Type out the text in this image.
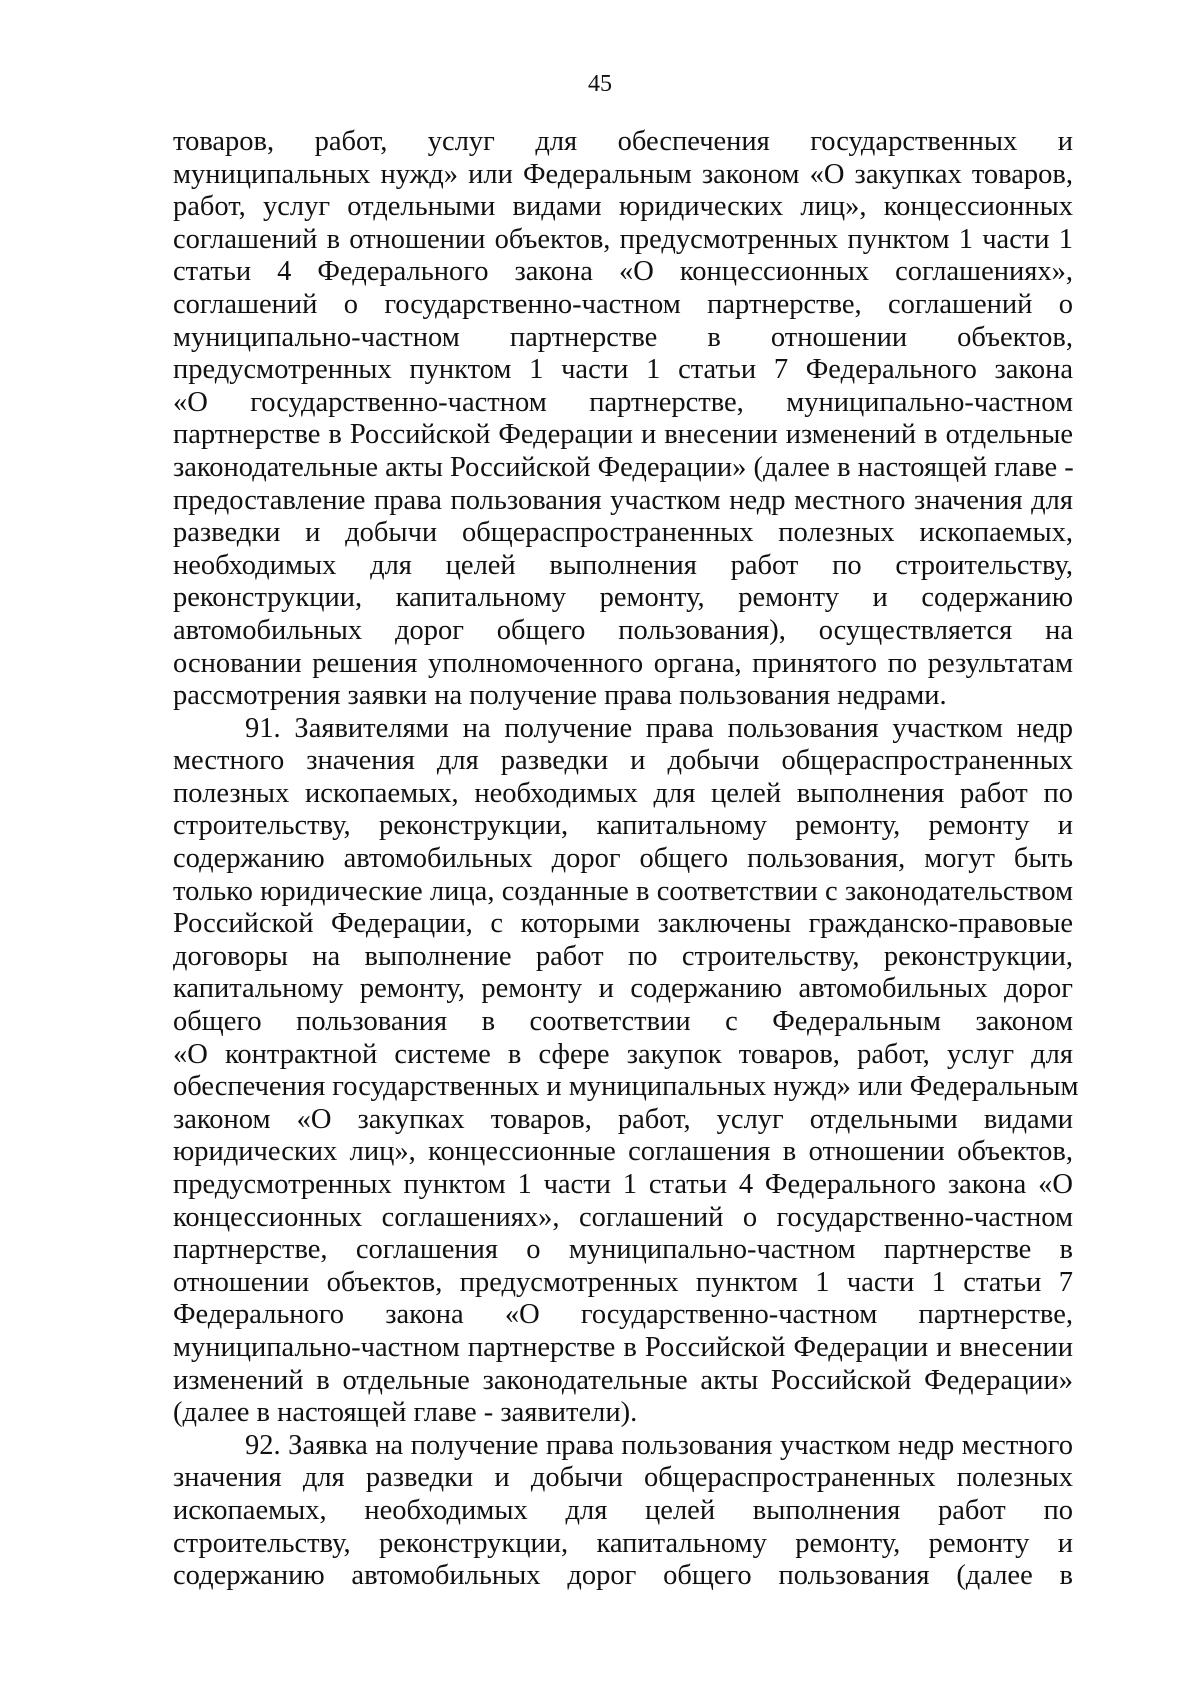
45
товаров, работ, услуг для обеспечения государственных и
муниципальных нужд» или Федеральным законом «О закупках товаров,
работ, услуг отдельными видами юридических лиц», концессионных
соглашений в отношении объектов, предусмотренных пунктом 1 части 1
статьи 4 Федерального закона «О концессионных соглашениях»,
соглашений о государственно-частном партнерстве, соглашений о
муниципально-частном партнерстве в отношении объектов,
предусмотренных пунктом 1 части 1 статьи 7 Федерального закона
«О государственно-частном партнерстве, муниципально-частном
партнерстве в Российской Федерации и внесении изменений в отдельные
законодательные акты Российской Федерации» (далее в настоящей главе -
предоставление права пользования участком недр местного значения для
разведки и добычи общераспространенных полезных ископаемых,
необходимых для целей выполнения работ по строительству,
реконструкции, капитальному ремонту, ремонту и содержанию
автомобильных дорог общего пользования), осуществляется на
основании решения уполномоченного органа, принятого по результатам
рассмотрения заявки на получение права пользования недрами.
91. Заявителями на получение права пользования участком недр
местного значения для разведки и добычи общераспространенных
полезных ископаемых, необходимых для целей выполнения работ по
строительству, реконструкции, капитальному ремонту, ремонту и
содержанию автомобильных дорог общего пользования, могут быть
только юридические лица, созданные в соответствии с законодательством
Российской Федерации, с которыми заключены гражданско-правовые
договоры на выполнение работ по строительству, реконструкции,
капитальному ремонту, ремонту и содержанию автомобильных дорог
общего пользования в соответствии с Федеральным законом
«О контрактной системе в сфере закупок товаров, работ, услуг для
обеспечения государственных и муниципальных нужд» или Федеральным
законом «О закупках товаров, работ, услуг отдельными видами
юридических лиц», концессионные соглашения в отношении объектов,
предусмотренных пунктом 1 части 1 статьи 4 Федерального закона «О
концессионных соглашениях», соглашений о государственно-частном
партнерстве, соглашения о муниципально-частном партнерстве в
отношении объектов, предусмотренных пунктом 1 части 1 статьи 7
Федерального закона «О государственно-частном партнерстве,
муниципально-частном партнерстве в Российской Федерации и внесении
изменений в отдельные законодательные акты Российской Федерации»
(далее в настоящей главе - заявители).
92. Заявка на получение права пользования участком недр местного
значения для разведки и добычи общераспространенных полезных
ископаемых, необходимых для целей выполнения работ по
строительству, реконструкции, капитальному ремонту, ремонту и
содержанию автомобильных дорог общего пользования (далее в
